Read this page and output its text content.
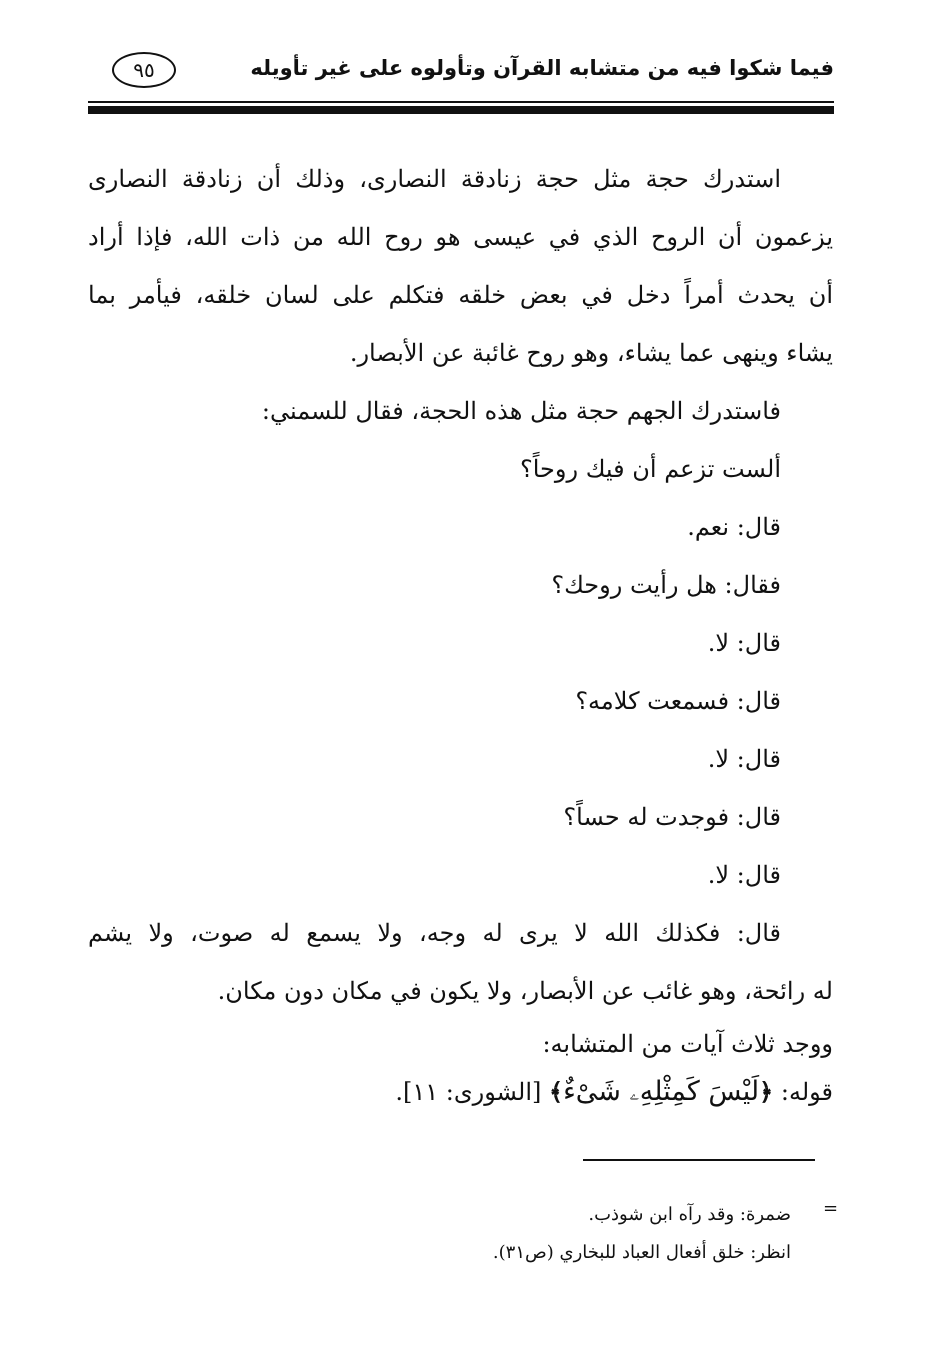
فيما شكوا فيه من متشابه القرآن وتأولوه على غير تأويله
٩٥

استدرك حجة مثل حجة زنادقة النصارى، وذلك أن زنادقة النصارى

يزعمون أن الروح الذي في عيسى هو روح الله من ذات الله، فإذا أراد

أن يحدث أمراً دخل في بعض خلقه فتكلم على لسان خلقه، فيأمر بما

يشاء وينهى عما يشاء، وهو روح غائبة عن الأبصار.

فاستدرك الجهم حجة مثل هذه الحجة، فقال للسمني:

ألست تزعم أن فيك روحاً؟

قال: نعم.

فقال: هل رأيت روحك؟

قال: لا.

قال: فسمعت كلامه؟

قال: لا.

قال: فوجدت له حساً؟

قال: لا.

قال: فكذلك الله لا يرى له وجه، ولا يسمع له صوت، ولا يشم

له رائحة، وهو غائب عن الأبصار، ولا يكون في مكان دون مكان.

ووجد ثلاث آيات من المتشابه:

قوله: ﴿لَيْسَ كَمِثْلِهِۦ شَىْءٌ﴾ [الشورى: ١١].

=

ضمرة: وقد رآه ابن شوذب.

انظر: خلق أفعال العباد للبخاري (ص٣١).
